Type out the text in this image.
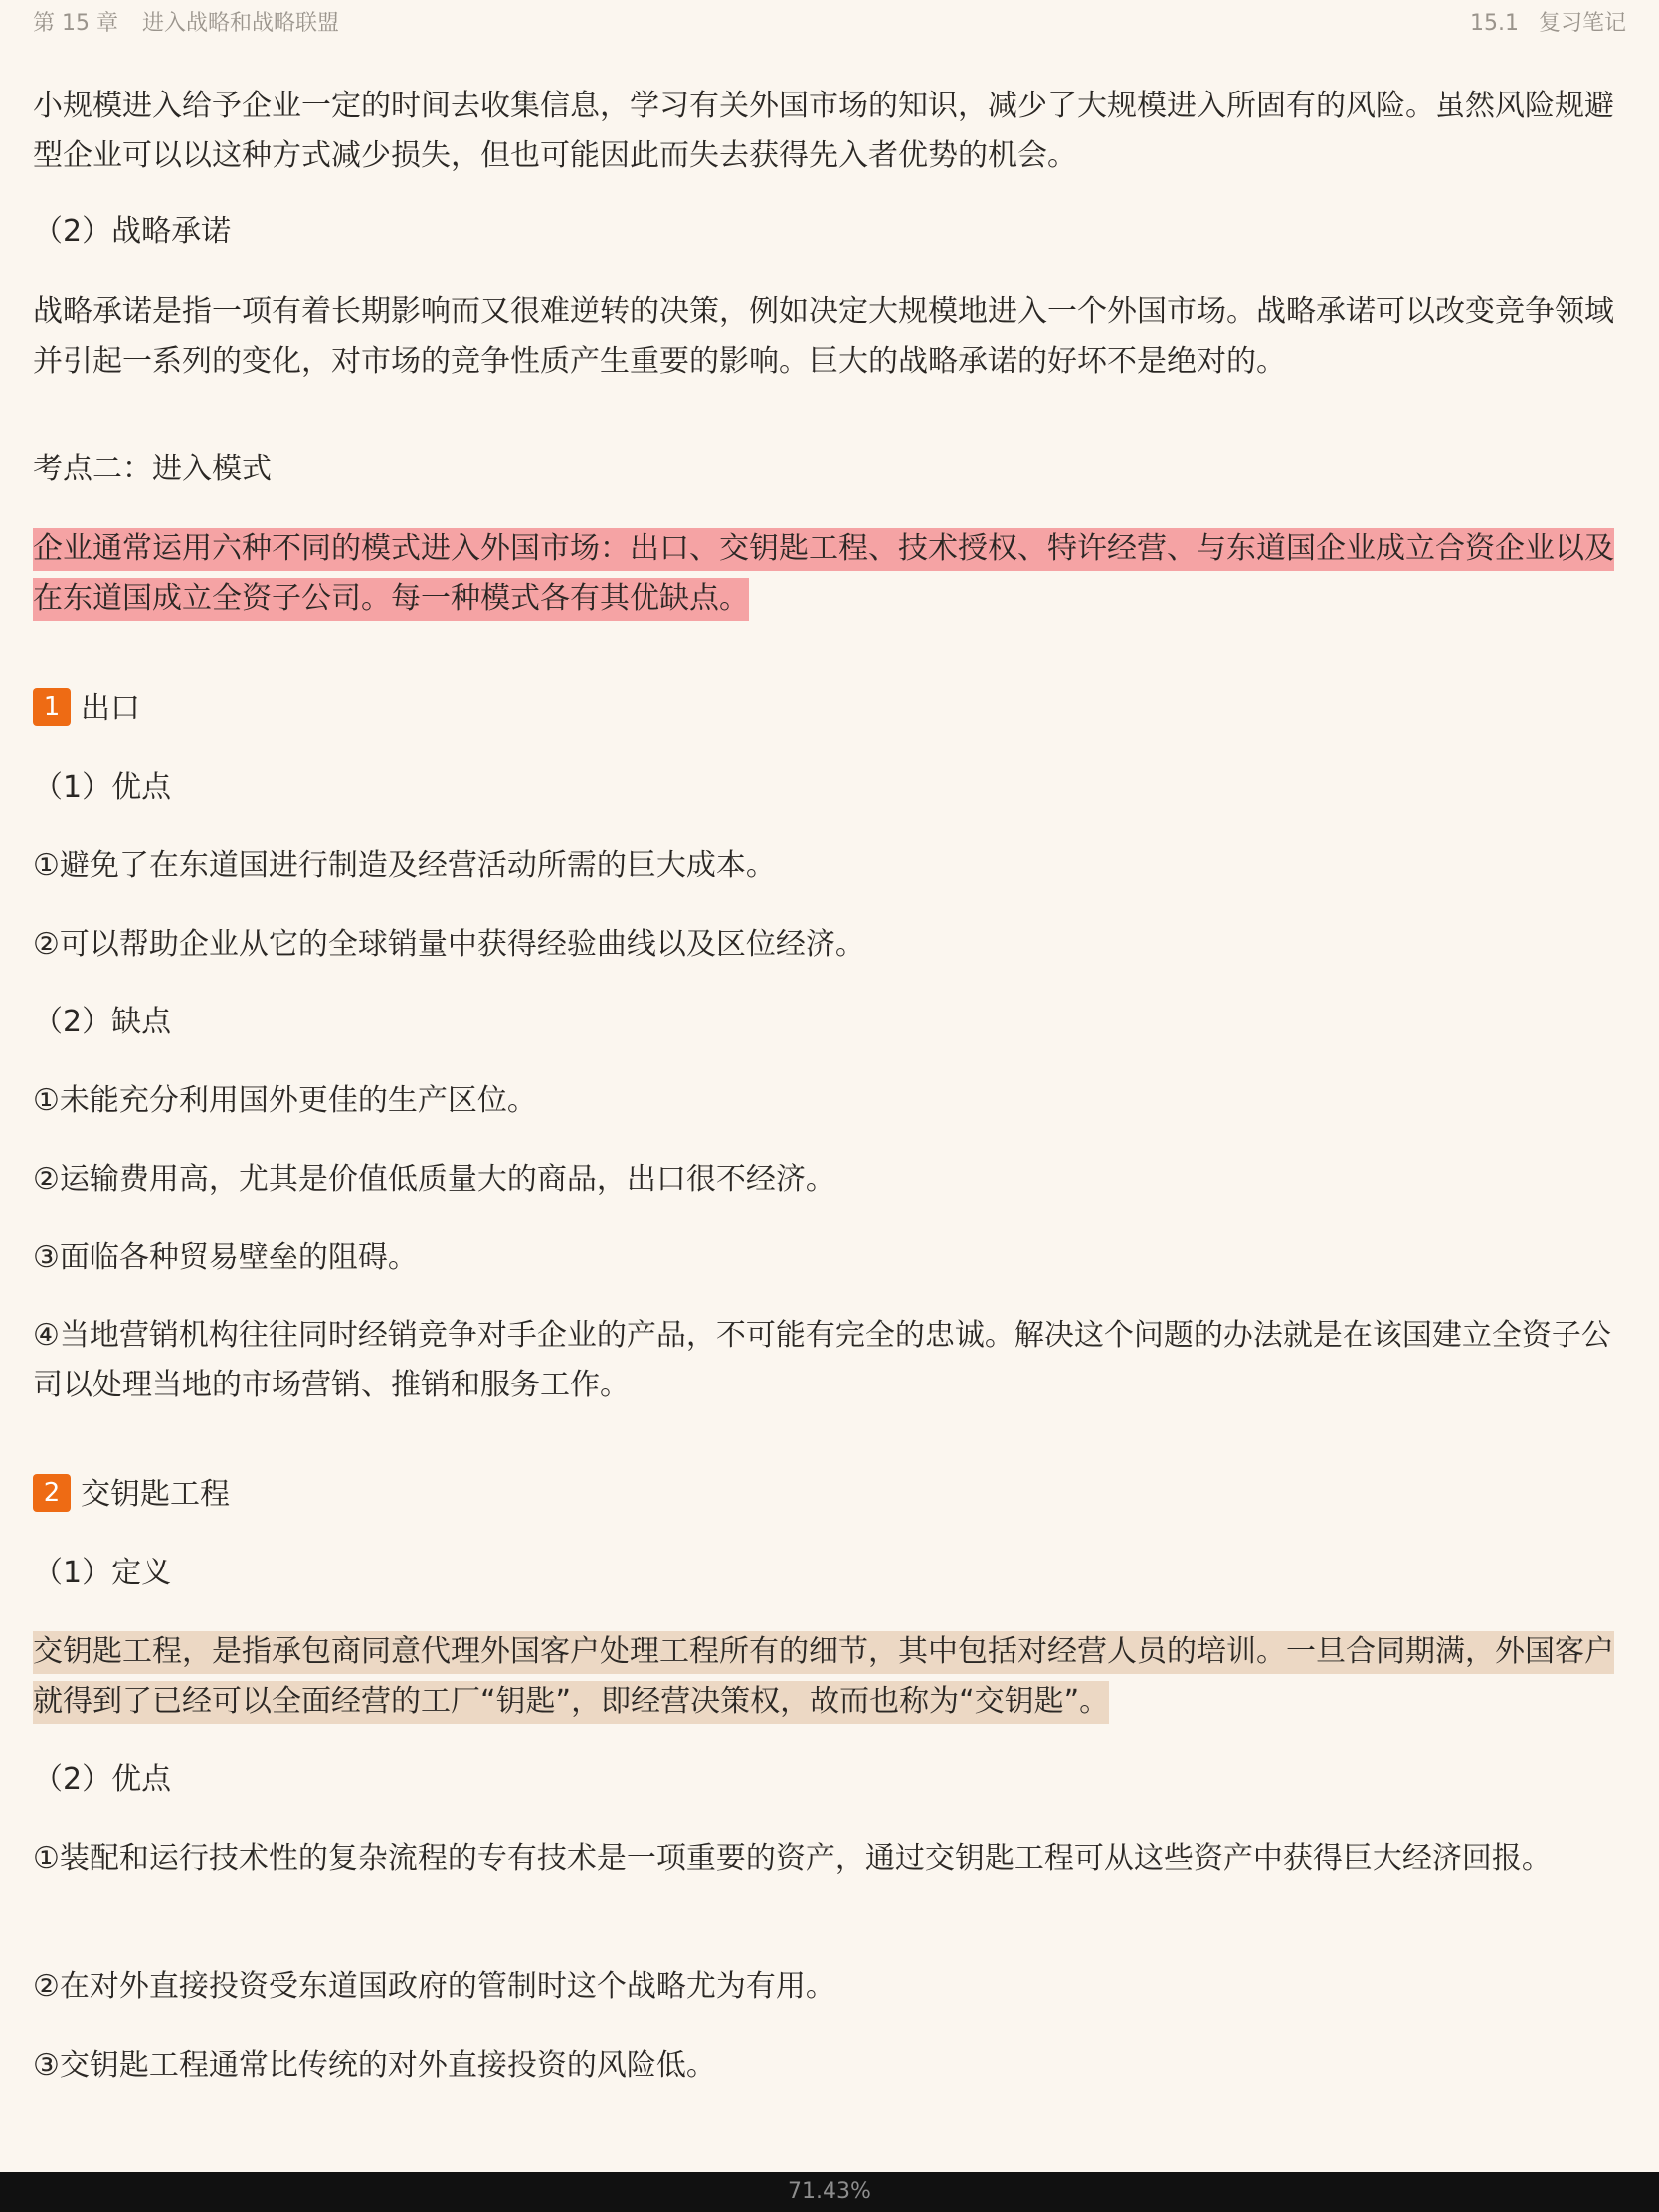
第 15 章 进入战略和战略联盟	15.1 复习笔记

小规模进入给予企业一定的时间去收集信息，学习有关外国市场的知识，减少了大规模进入所固有的风险。虽然风险规避型企业可以以这种方式减少损失，但也可能因此而失去获得先入者优势的机会。

（2）战略承诺

战略承诺是指一项有着长期影响而又很难逆转的决策，例如决定大规模地进入一个外国市场。战略承诺可以改变竞争领域并引起一系列的变化，对市场的竞争性质产生重要的影响。巨大的战略承诺的好坏不是绝对的。

考点二：进入模式

企业通常运用六种不同的模式进入外国市场：出口、交钥匙工程、技术授权、特许经营、与东道国企业成立合资企业以及在东道国成立全资子公司。每一种模式各有其优缺点。

1 出口

（1）优点

①避免了在东道国进行制造及经营活动所需的巨大成本。

②可以帮助企业从它的全球销量中获得经验曲线以及区位经济。

（2）缺点

①未能充分利用国外更佳的生产区位。

②运输费用高，尤其是价值低质量大的商品，出口很不经济。

③面临各种贸易壁垒的阻碍。

④当地营销机构往往同时经销竞争对手企业的产品，不可能有完全的忠诚。解决这个问题的办法就是在该国建立全资子公司以处理当地的市场营销、推销和服务工作。

2 交钥匙工程

（1）定义

交钥匙工程，是指承包商同意代理外国客户处理工程所有的细节，其中包括对经营人员的培训。一旦合同期满，外国客户就得到了已经可以全面经营的工厂“钥匙”，即经营决策权，故而也称为“交钥匙”。

（2）优点

①装配和运行技术性的复杂流程的专有技术是一项重要的资产，通过交钥匙工程可从这些资产中获得巨大经济回报。

②在对外直接投资受东道国政府的管制时这个战略尤为有用。

③交钥匙工程通常比传统的对外直接投资的风险低。

71.43%
